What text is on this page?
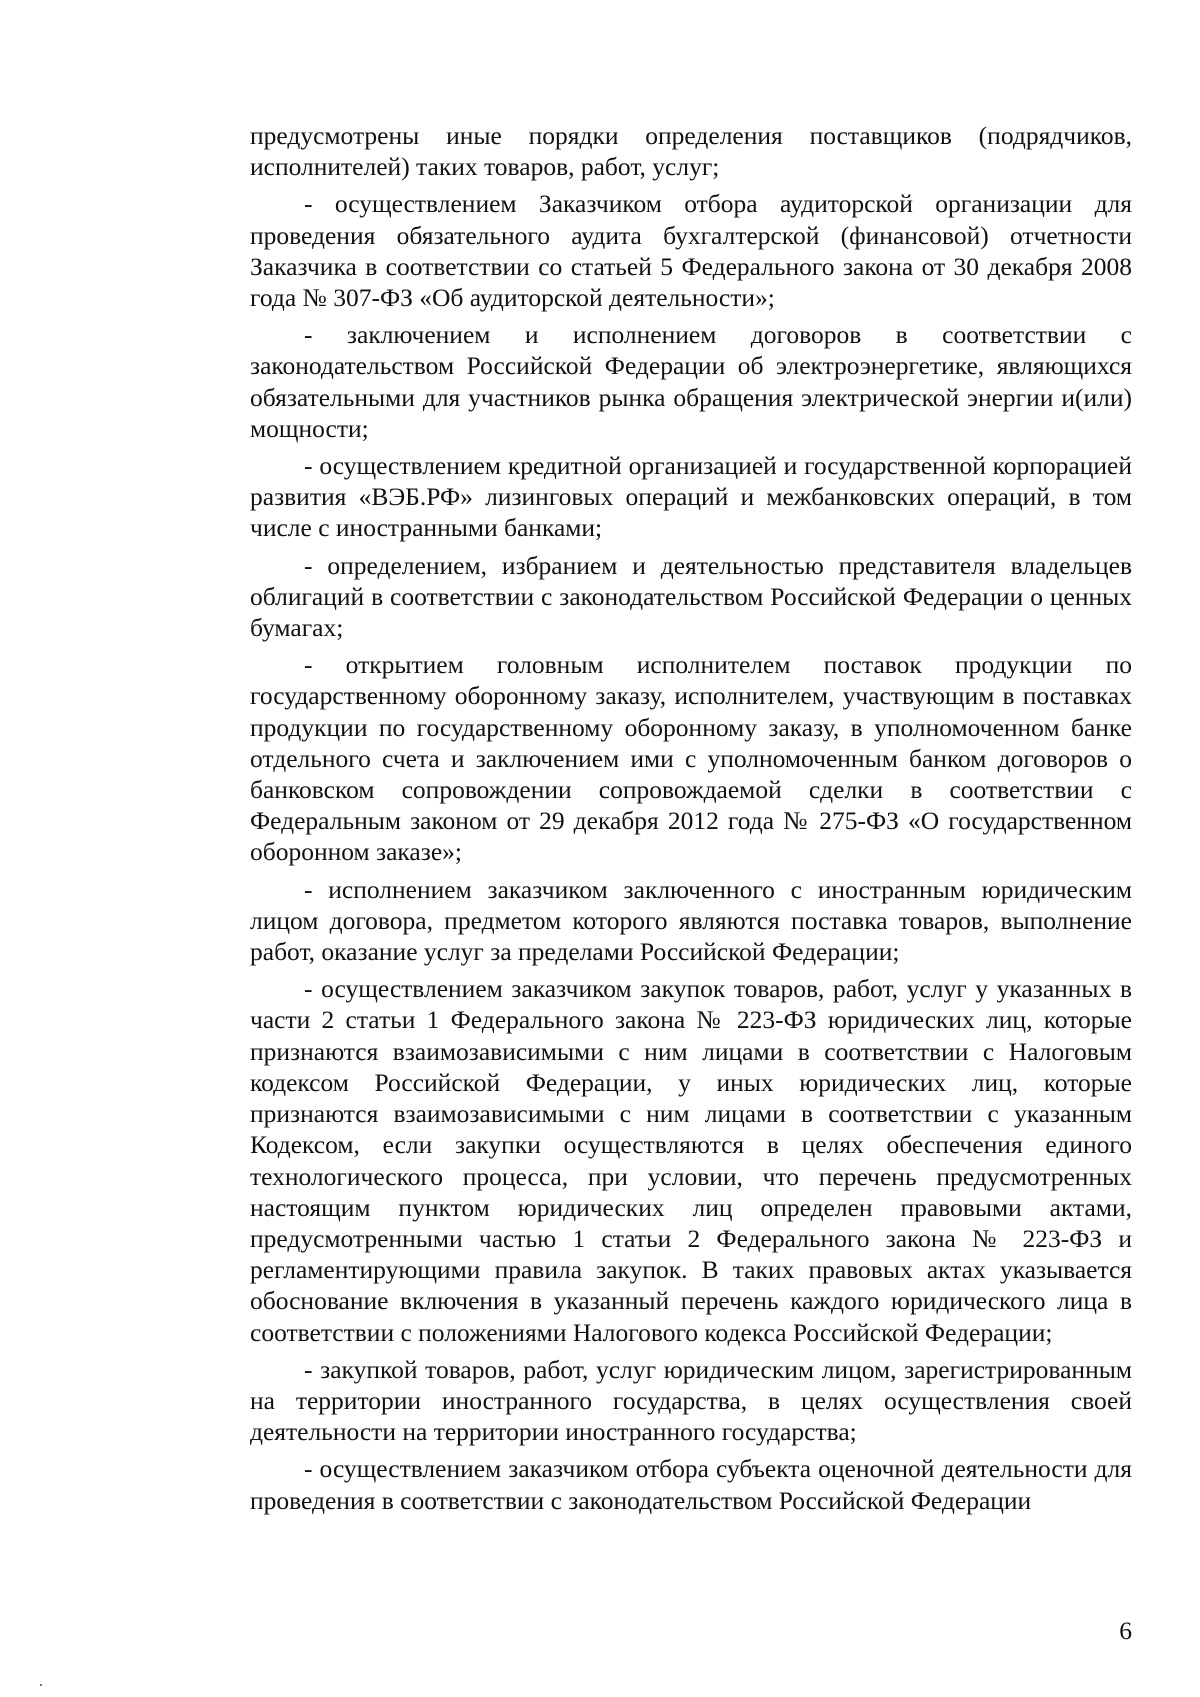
предусмотрены иные порядки определения поставщиков (подрядчиков, исполнителей) таких товаров, работ, услуг;

- осуществлением Заказчиком отбора аудиторской организации для проведения обязательного аудита бухгалтерской (финансовой) отчетности Заказчика в соответствии со статьей 5 Федерального закона от 30 декабря 2008 года № 307-ФЗ «Об аудиторской деятельности»;

- заключением и исполнением договоров в соответствии с законодательством Российской Федерации об электроэнергетике, являющихся обязательными для участников рынка обращения электрической энергии и(или) мощности;

- осуществлением кредитной организацией и государственной корпорацией развития «ВЭБ.РФ» лизинговых операций и межбанковских операций, в том числе с иностранными банками;

- определением, избранием и деятельностью представителя владельцев облигаций в соответствии с законодательством Российской Федерации о ценных бумагах;

- открытием головным исполнителем поставок продукции по государственному оборонному заказу, исполнителем, участвующим в поставках продукции по государственному оборонному заказу, в уполномоченном банке отдельного счета и заключением ими с уполномоченным банком договоров о банковском сопровождении сопровождаемой сделки в соответствии с Федеральным законом от 29 декабря 2012 года № 275-ФЗ «О государственном оборонном заказе»;

- исполнением заказчиком заключенного с иностранным юридическим лицом договора, предметом которого являются поставка товаров, выполнение работ, оказание услуг за пределами Российской Федерации;

- осуществлением заказчиком закупок товаров, работ, услуг у указанных в части 2 статьи 1 Федерального закона № 223-ФЗ юридических лиц, которые признаются взаимозависимыми с ним лицами в соответствии с Налоговым кодексом Российской Федерации, у иных юридических лиц, которые признаются взаимозависимыми с ним лицами в соответствии с указанным Кодексом, если закупки осуществляются в целях обеспечения единого технологического процесса, при условии, что перечень предусмотренных настоящим пунктом юридических лиц определен правовыми актами, предусмотренными частью 1 статьи 2 Федерального закона № 223-ФЗ и регламентирующими правила закупок. В таких правовых актах указывается обоснование включения в указанный перечень каждого юридического лица в соответствии с положениями Налогового кодекса Российской Федерации;

- закупкой товаров, работ, услуг юридическим лицом, зарегистрированным на территории иностранного государства, в целях осуществления своей деятельности на территории иностранного государства;

- осуществлением заказчиком отбора субъекта оценочной деятельности для проведения в соответствии с законодательством Российской Федерации

6
